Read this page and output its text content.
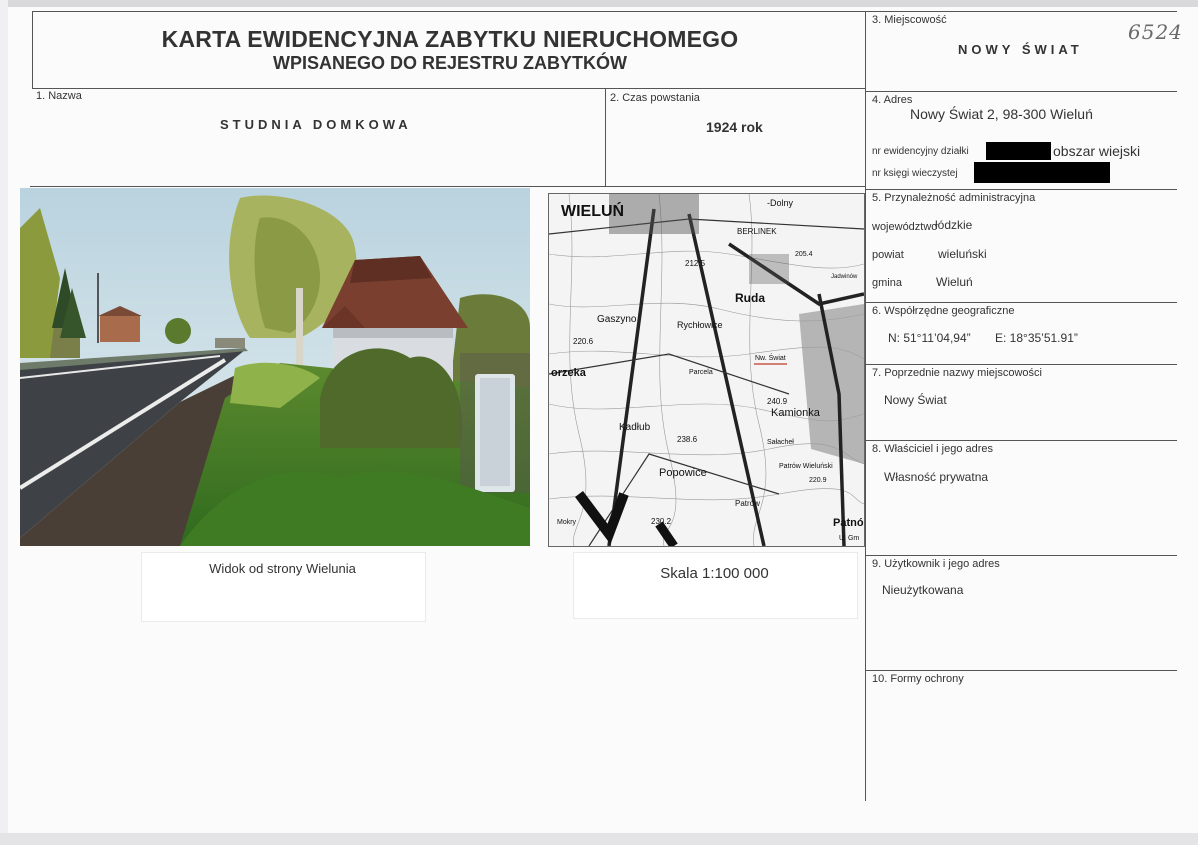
KARTA EWIDENCYJNA ZABYTKU NIERUCHOMEGO
WPISANEGO DO REJESTRU ZABYTKÓW
6524
3. Miejscowość
NOWY ŚWIAT
1. Nazwa
STUDNIA DOMKOWA
2. Czas powstania
1924 rok
4. Adres
Nowy Świat 2, 98-300 Wieluń
nr ewidencyjny działki	obszar wiejski
nr księgi wieczystej
5. Przynależność administracyjna
województwo
łódzkie
powiat	wieluński
gmina	Wieluń
6. Współrzędne geograficzne
N: 51°11’04,94” E: 18°35’51.91”
7. Poprzednie nazwy miejscowości
Nowy Świat
8. Właściciel i jego adres
Własność prywatna
9. Użytkownik i jego adres
Nieużytkowana
10. Formy ochrony
WIELUŃ	-Dolny
BERLINEK
205.4
Jadwinów
212.5
Ruda
Gaszyno
220.6
Rychłowice
Nw. Świat
orzeka	Parcela
Kamionka
240.9
Kadłub
238.6	Sałacheł
Popowice
Patrów Wieluński
220.9
Patrów
Patnó
230.2
Mokry
U. Gm
Widok od strony Wielunia	Skala 1:100 000
